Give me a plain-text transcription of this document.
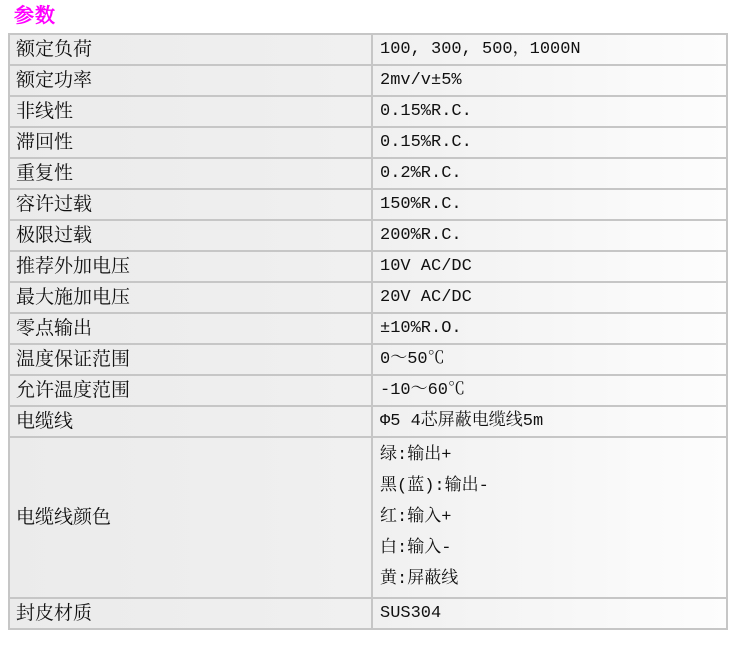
参数
额定负荷	100, 300, 500，1000N
额定功率	2mv/v±5%
非线性	0.15%R.C.
滞回性	0.15%R.C.
重复性	0.2%R.C.
容许过载	150%R.C.
极限过载	200%R.C.
推荐外加电压	10V AC/DC
最大施加电压	20V AC/DC
零点输出	±10%R.O.
温度保证范围	0～50℃
允许温度范围	-10～60℃
电缆线	Φ5 4芯屏蔽电缆线5m
电缆线颜色	绿:输出+
黑(蓝):输出-
红:输入+
白:输入-
黄:屏蔽线

封皮材质	SUS304
